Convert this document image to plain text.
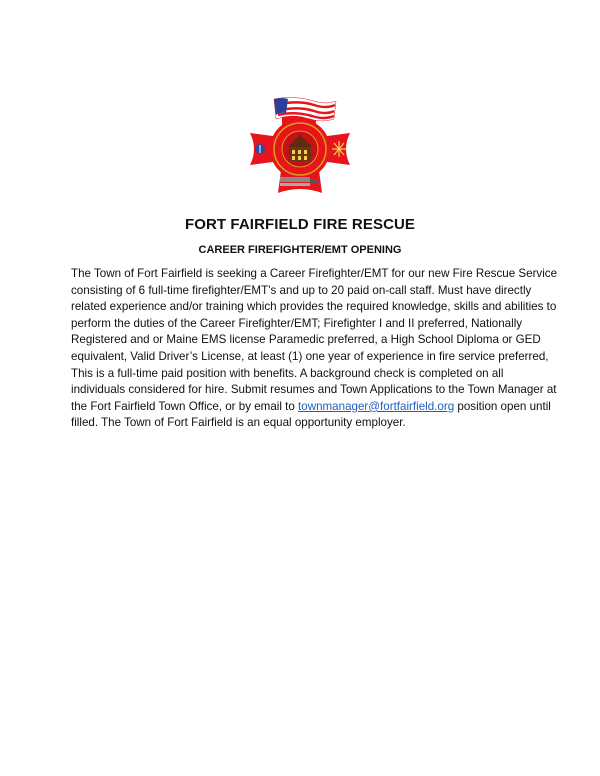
FORT FAIRFIELD FIRE RESCUE
CAREER FIREFIGHTER/EMT OPENING
The Town of Fort Fairfield is seeking a Career Firefighter/EMT for our new Fire Rescue Service
consisting of 6 full-time firefighter/EMT’s and up to 20 paid on-call staff. Must have directly
related experience and/or training which provides the required knowledge, skills and abilities to
perform the duties of the Career Firefighter/EMT; Firefighter I and II preferred, Nationally
Registered and or Maine EMS license Paramedic preferred, a High School Diploma or GED
equivalent, Valid Driver’s License, at least (1) one year of experience in fire service preferred,
This is a full-time paid position with benefits. A background check is completed on all
individuals considered for hire. Submit resumes and Town Applications to the Town Manager at
the Fort Fairfield Town Office, or by email to townmanager@fortfairfield.org position open until
filled. The Town of Fort Fairfield is an equal opportunity employer.
